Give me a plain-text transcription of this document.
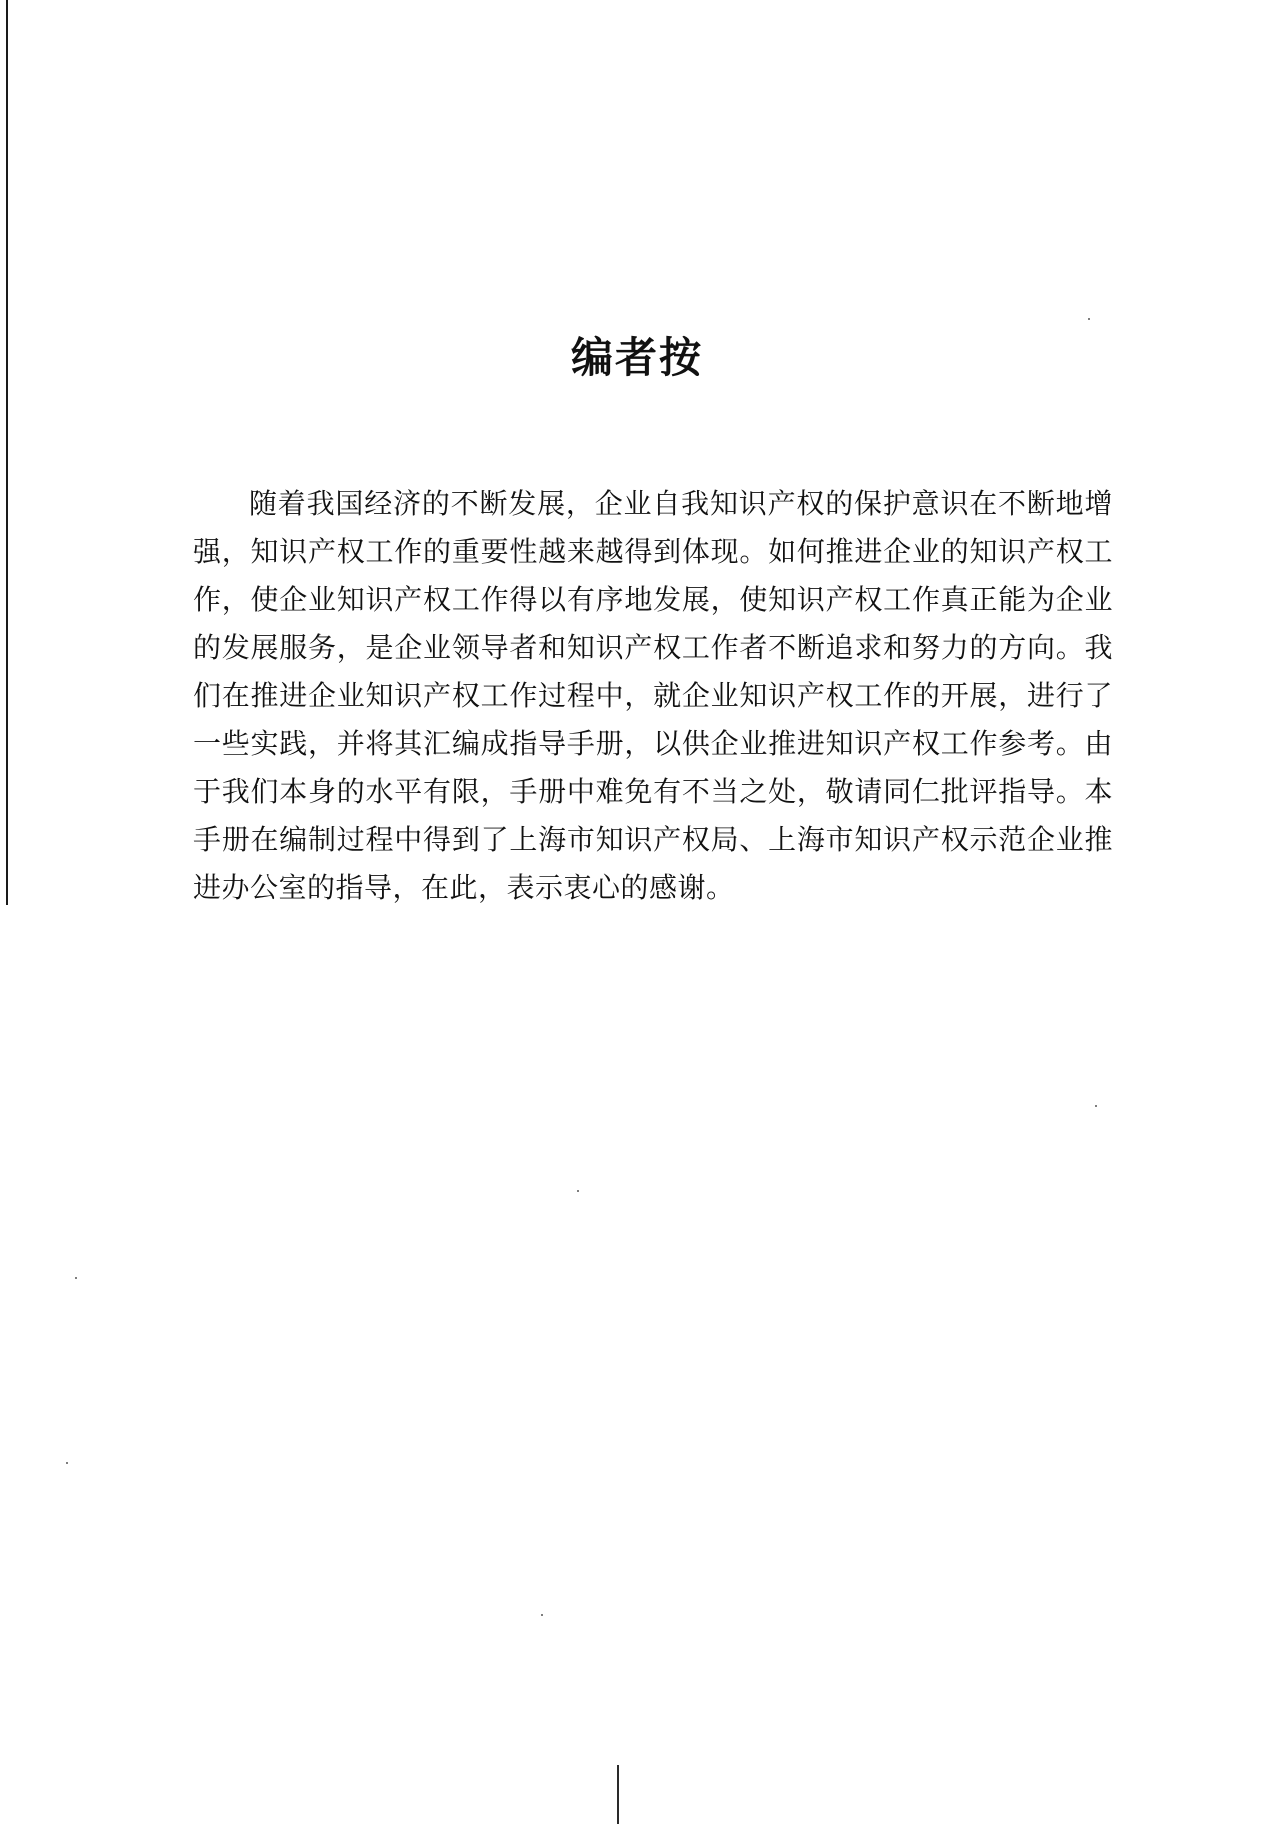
编者按

随着我国经济的不断发展，企业自我知识产权的保护意识在不断地增强，知识产权工作的重要性越来越得到体现。如何推进企业的知识产权工作，使企业知识产权工作得以有序地发展，使知识产权工作真正能为企业的发展服务，是企业领导者和知识产权工作者不断追求和努力的方向。我们在推进企业知识产权工作过程中，就企业知识产权工作的开展，进行了一些实践，并将其汇编成指导手册，以供企业推进知识产权工作参考。由于我们本身的水平有限，手册中难免有不当之处，敬请同仁批评指导。本手册在编制过程中得到了上海市知识产权局、上海市知识产权示范企业推进办公室的指导，在此，表示衷心的感谢。
